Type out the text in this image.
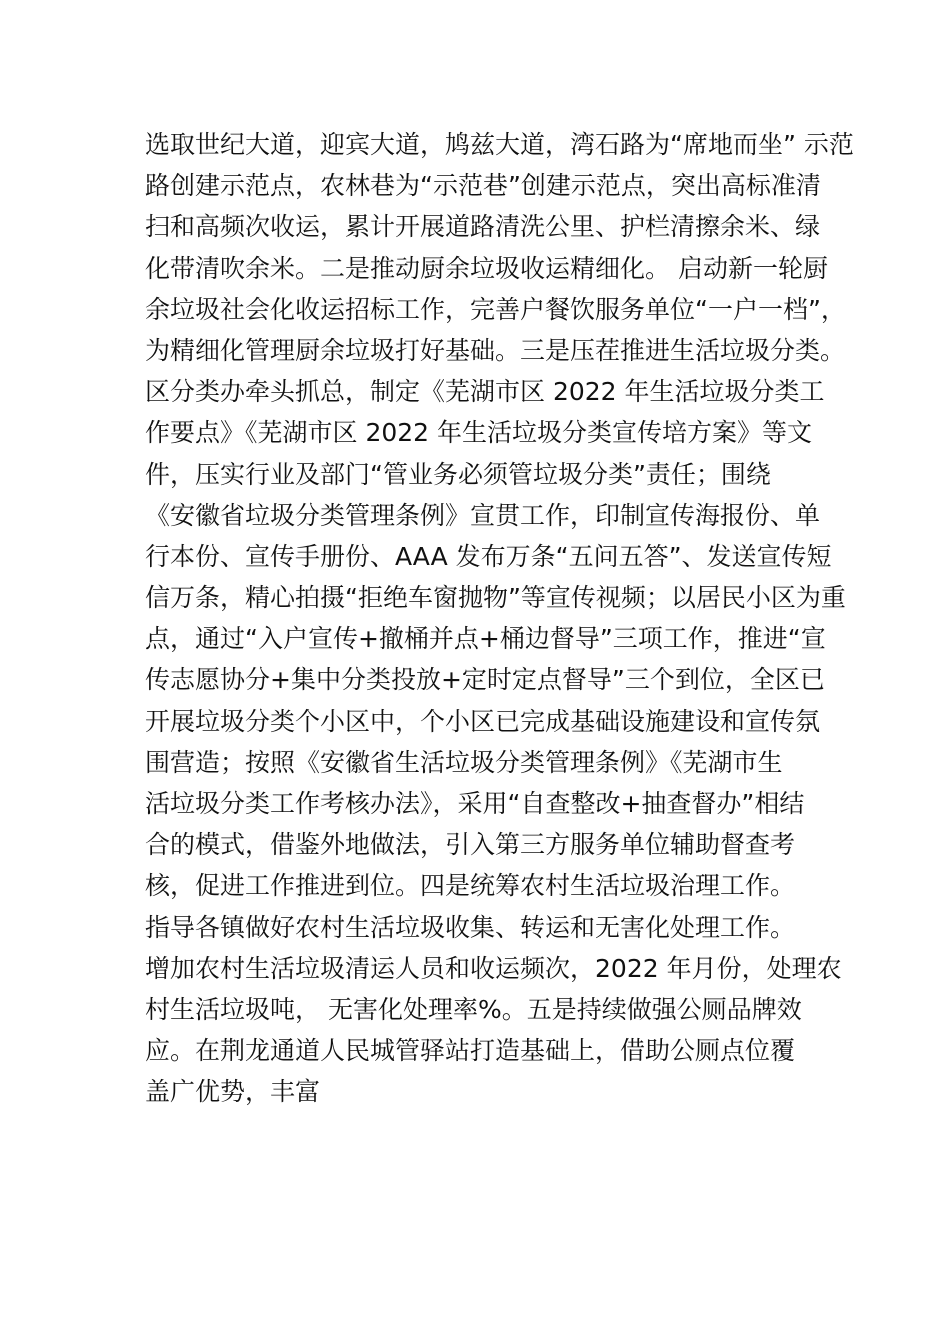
选取世纪大道，迎宾大道，鸠兹大道，湾石路为“席地而坐” 示范
路创建示范点，农林巷为“示范巷”创建示范点，突出高标准清
扫和高频次收运，累计开展道路清洗公里、护栏清擦余米、绿
化带清吹余米。二是推动厨余垃圾收运精细化。 启动新一轮厨
余垃圾社会化收运招标工作，完善户餐饮服务单位“一户一档”，
为精细化管理厨余垃圾打好基础。三是压茬推进生活垃圾分类。
区分类办牵头抓总，制定《芜湖市区 2022 年生活垃圾分类工
作要点》《芜湖市区 2022 年生活垃圾分类宣传培方案》等文
件，压实行业及部门“管业务必须管垃圾分类”责任；围绕
《安徽省垃圾分类管理条例》宣贯工作，印制宣传海报份、单
行本份、宣传手册份、AAA 发布万条“五问五答”、发送宣传短
信万条，精心拍摄“拒绝车窗抛物”等宣传视频；以居民小区为重
点，通过“入户宣传+撤桶并点+桶边督导”三项工作，推进“宣
传志愿协分+集中分类投放+定时定点督导”三个到位，全区已
开展垃圾分类个小区中，个小区已完成基础设施建设和宣传氛
围营造；按照《安徽省生活垃圾分类管理条例》《芜湖市生
活垃圾分类工作考核办法》，采用“自查整改+抽查督办”相结
合的模式，借鉴外地做法，引入第三方服务单位辅助督查考
核，促进工作推进到位。四是统筹农村生活垃圾治理工作。
指导各镇做好农村生活垃圾收集、转运和无害化处理工作。
增加农村生活垃圾清运人员和收运频次，2022 年月份，处理农
村生活垃圾吨， 无害化处理率%。五是持续做强公厕品牌效
应。在荆龙通道人民城管驿站打造基础上，借助公厕点位覆
盖广优势，丰富
